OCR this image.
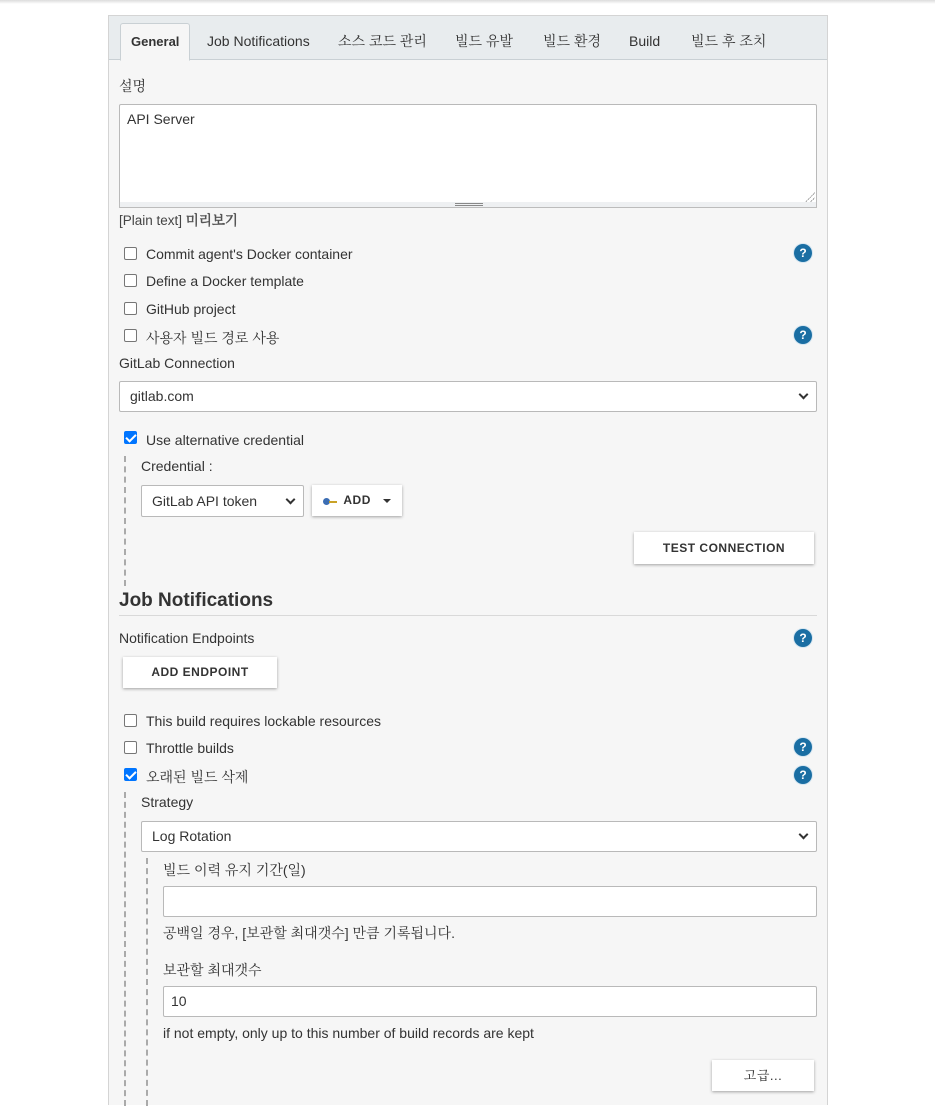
General	Job Notifications	소스 코드 관리	빌드 유발	빌드 환경	Build	빌드 후 조치
설명
API Server
[Plain text] 미리보기
Commit agent's Docker container	?
Define a Docker template
GitHub project
사용자 빌드 경로 사용	?
GitLab Connection
gitlab.com
Use alternative credential
Credential :
GitLab API token	ADD
TEST CONNECTION
Job Notifications
Notification Endpoints	?
ADD ENDPOINT
This build requires lockable resources
Throttle builds	?
오래된 빌드 삭제	?
Strategy
Log Rotation
빌드 이력 유지 기간(일)
공백일 경우, [보관할 최대갯수] 만큼 기록됩니다.
보관할 최대갯수
10
if not empty, only up to this number of build records are kept
고급...
